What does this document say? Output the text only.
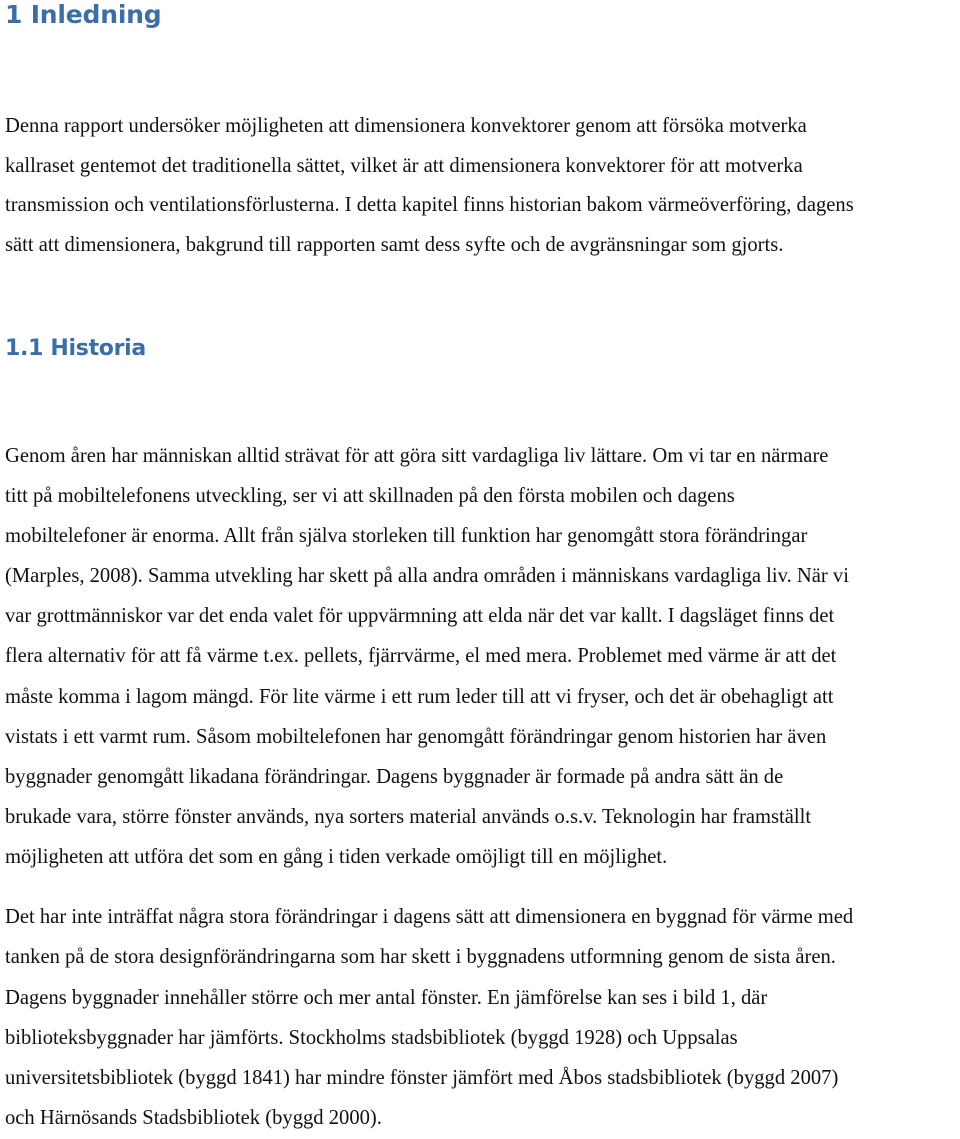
1 Inledning
Denna rapport undersöker möjligheten att dimensionera konvektorer genom att försöka motverka
kallraset gentemot det traditionella sättet, vilket är att dimensionera konvektorer för att motverka
transmission och ventilationsförlusterna. I detta kapitel finns historian bakom värmeöverföring, dagens
sätt att dimensionera, bakgrund till rapporten samt dess syfte och de avgränsningar som gjorts.
1.1 Historia
Genom åren har människan alltid strävat för att göra sitt vardagliga liv lättare. Om vi tar en närmare
titt på mobiltelefonens utveckling, ser vi att skillnaden på den första mobilen och dagens
mobiltelefoner är enorma. Allt från själva storleken till funktion har genomgått stora förändringar
(Marples, 2008). Samma utvekling har skett på alla andra områden i människans vardagliga liv. När vi
var grottmänniskor var det enda valet för uppvärmning att elda när det var kallt. I dagsläget finns det
flera alternativ för att få värme t.ex. pellets, fjärrvärme, el med mera. Problemet med värme är att det
måste komma i lagom mängd. För lite värme i ett rum leder till att vi fryser, och det är obehagligt att
vistats i ett varmt rum. Såsom mobiltelefonen har genomgått förändringar genom historien har även
byggnader genomgått likadana förändringar. Dagens byggnader är formade på andra sätt än de
brukade vara, större fönster används, nya sorters material används o.s.v. Teknologin har framställt
möjligheten att utföra det som en gång i tiden verkade omöjligt till en möjlighet.
Det har inte inträffat några stora förändringar i dagens sätt att dimensionera en byggnad för värme med
tanken på de stora designförändringarna som har skett i byggnadens utformning genom de sista åren.
Dagens byggnader innehåller större och mer antal fönster. En jämförelse kan ses i bild 1, där
biblioteksbyggnader har jämförts. Stockholms stadsbibliotek (byggd 1928) och Uppsalas
universitetsbibliotek (byggd 1841) har mindre fönster jämfört med Åbos stadsbibliotek (byggd 2007)
och Härnösands Stadsbibliotek (byggd 2000).
